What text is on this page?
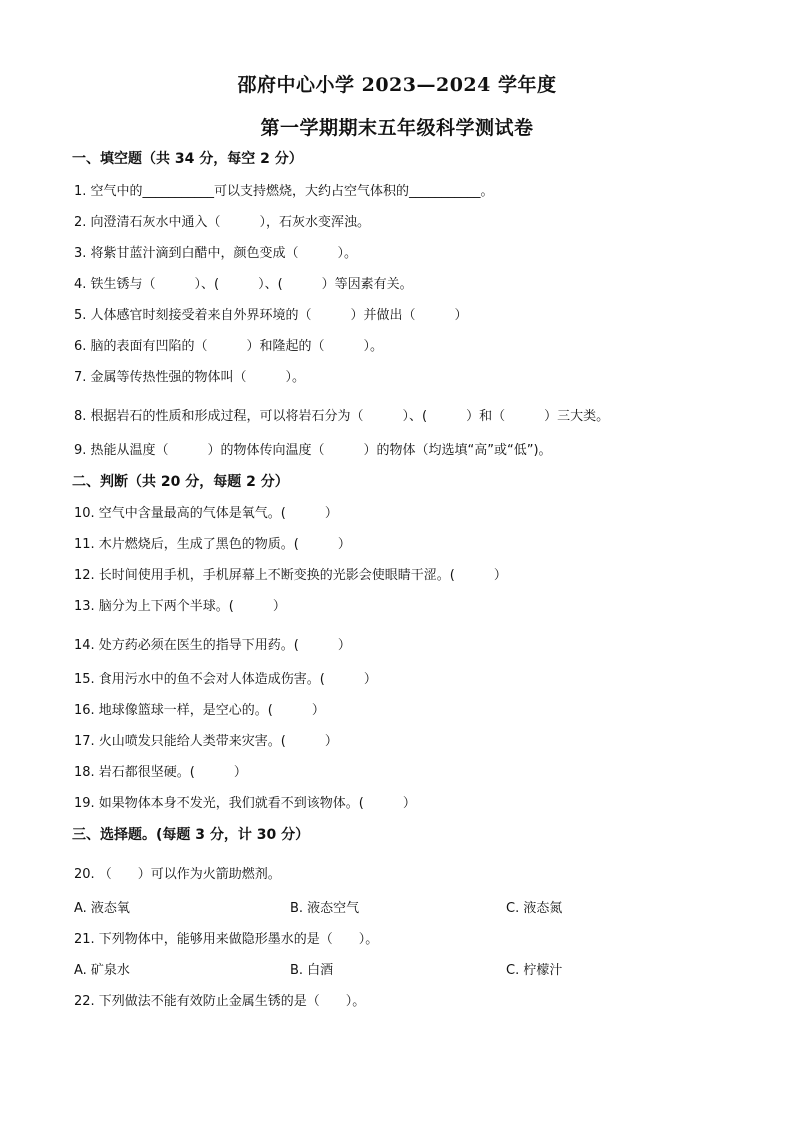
邵府中心小学 2023—2024 学年度
第一学期期末五年级科学测试卷
一、填空题（共 34 分，每空 2 分）
1. 空气中的___________可以支持燃烧，大约占空气体积的___________。
2. 向澄清石灰水中通入（　　　），石灰水变浑浊。
3. 将紫甘蓝汁滴到白醋中，颜色变成（　　　）。
4. 铁生锈与（　　　）、(　　　）、(　　　）等因素有关。
5. 人体感官时刻接受着来自外界环境的（　　　）并做出（　　　）
6. 脑的表面有凹陷的（　　　）和隆起的（　　　）。
7. 金属等传热性强的物体叫（　　　）。
8. 根据岩石的性质和形成过程，可以将岩石分为（　　　）、(　　　）和（　　　）三大类。
9. 热能从温度（　　　）的物体传向温度（　　　）的物体（均选填“高”或“低”)。
二、判断（共 20 分，每题 2 分）
10. 空气中含量最高的气体是氧气。(　　　）
11. 木片燃烧后，生成了黑色的物质。(　　　）
12. 长时间使用手机，手机屏幕上不断变换的光影会使眼睛干涩。(　　　）
13. 脑分为上下两个半球。(　　　）
14. 处方药必须在医生的指导下用药。(　　　）
15. 食用污水中的鱼不会对人体造成伤害。(　　　）
16. 地球像篮球一样，是空心的。(　　　）
17. 火山喷发只能给人类带来灾害。(　　　）
18. 岩石都很坚硬。(　　　）
19. 如果物体本身不发光，我们就看不到该物体。(　　　）
三、选择题。(每题 3 分，计 30 分）
20. （　　）可以作为火箭助燃剂。
A. 液态氧	B. 液态空气	C. 液态氮
21. 下列物体中，能够用来做隐形墨水的是（　　）。
A. 矿泉水	B. 白酒	C. 柠檬汁
22. 下列做法不能有效防止金属生锈的是（　　）。
